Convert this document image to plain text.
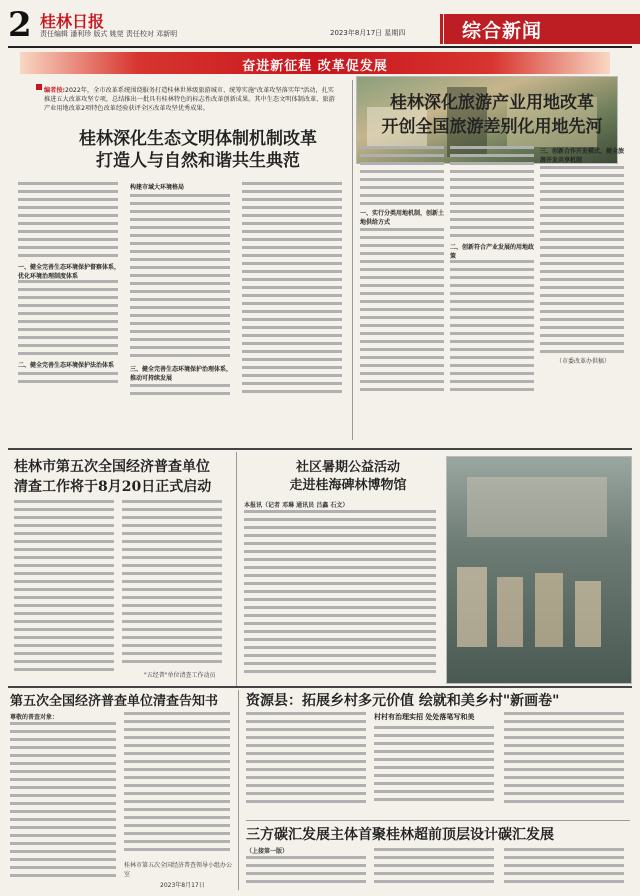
2 桂林日报
责任编辑 潘利珍 版式 姚莞 责任校对 邓新明	2023年8月17日 星期四	综合新闻
奋进新征程 改革促发展
编者按:2022年，全市改革系统围绕服务打造桂林世界级旅游城市、统筹实施"改革攻坚落实年"活动，扎实推进五大改革攻坚专项，总结推出一批具有桂林特色的标志性改革创新成果。其中生态文明体制改革、旅游产业用地改革2项特色改革经验获评全区改革攻坚优秀成果。
桂林深化生态文明体制机制改革
打造人与自然和谐共生典范
一、健全完善生态环境保护督察体系，优化环境治理制度体系
二、健全完善生态环境保护法治体系
构建市域大环境格局
三、健全完善生态环境保护治理体系，推动可持续发展
桂林深化旅游产业用地改革
开创全国旅游差别化用地先河
一、实行分类用地机制，创新土地供给方式
二、创新符合产业发展的用地政策
三、创新合作开发模式，健全旅游开发共享机制
（市委改革办供稿）
桂林市第五次全国经济普查单位
清查工作将于8月20日正式启动
"五经普"单位清查工作动员
社区暑期公益活动
走进桂海碑林博物馆
本报讯（记者 邓琳 通讯员 吕鑫 石文）
第五次全国经济普查单位清查告知书
尊敬的普查对象：
桂林市第五次全国经济普查领导小组办公室
2023年8月17日
资源县：拓展乡村多元价值 绘就和美乡村"新画卷"
村村有治理实招 处处落笔写和美
三方碳汇发展主体首聚桂林超前顶层设计碳汇发展
（上接第一版）
